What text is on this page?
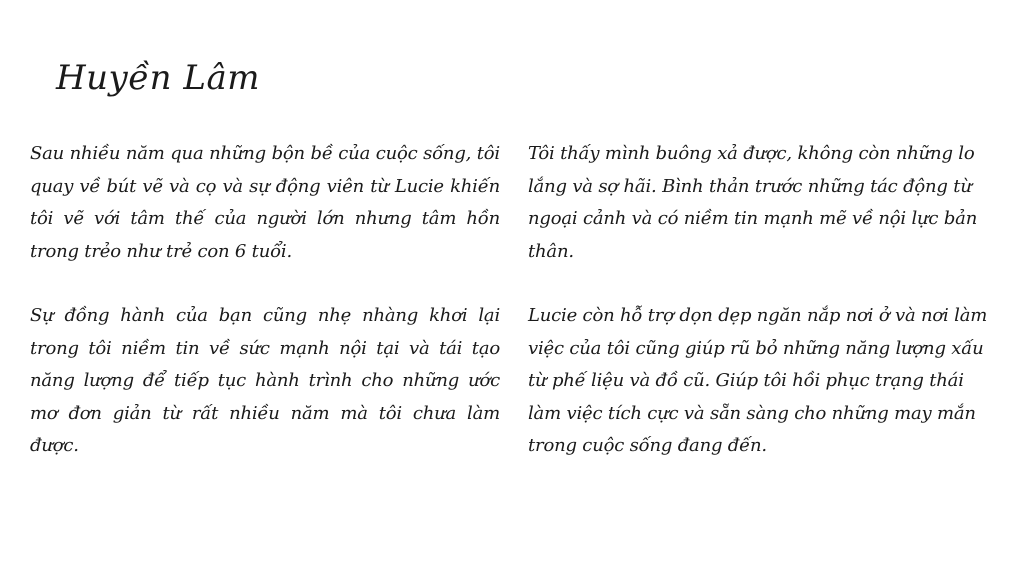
Huyền Lâm

Sau nhiều năm qua những bộn bề của cuộc sống, tôi quay về bút vẽ và cọ và sự động viên từ Lucie khiến tôi vẽ với tâm thế của người lớn nhưng tâm hồn trong trẻo như trẻ con 6 tuổi.

Sự đồng hành của bạn cũng nhẹ nhàng khơi lại trong tôi niềm tin về sức mạnh nội tại và tái tạo năng lượng để tiếp tục hành trình cho những ước mơ đơn giản từ rất nhiều năm mà tôi chưa làm được.

Tôi thấy mình buông xả được, không còn những lo lắng và sợ hãi. Bình thản trước những tác động từ ngoại cảnh và có niềm tin mạnh mẽ về nội lực bản thân.

Lucie còn hỗ trợ dọn dẹp ngăn nắp nơi ở và nơi làm việc của tôi cũng giúp rũ bỏ những năng lượng xấu từ phế liệu và đồ cũ. Giúp tôi hồi phục trạng thái làm việc tích cực và sẵn sàng cho những may mắn trong cuộc sống đang đến.
